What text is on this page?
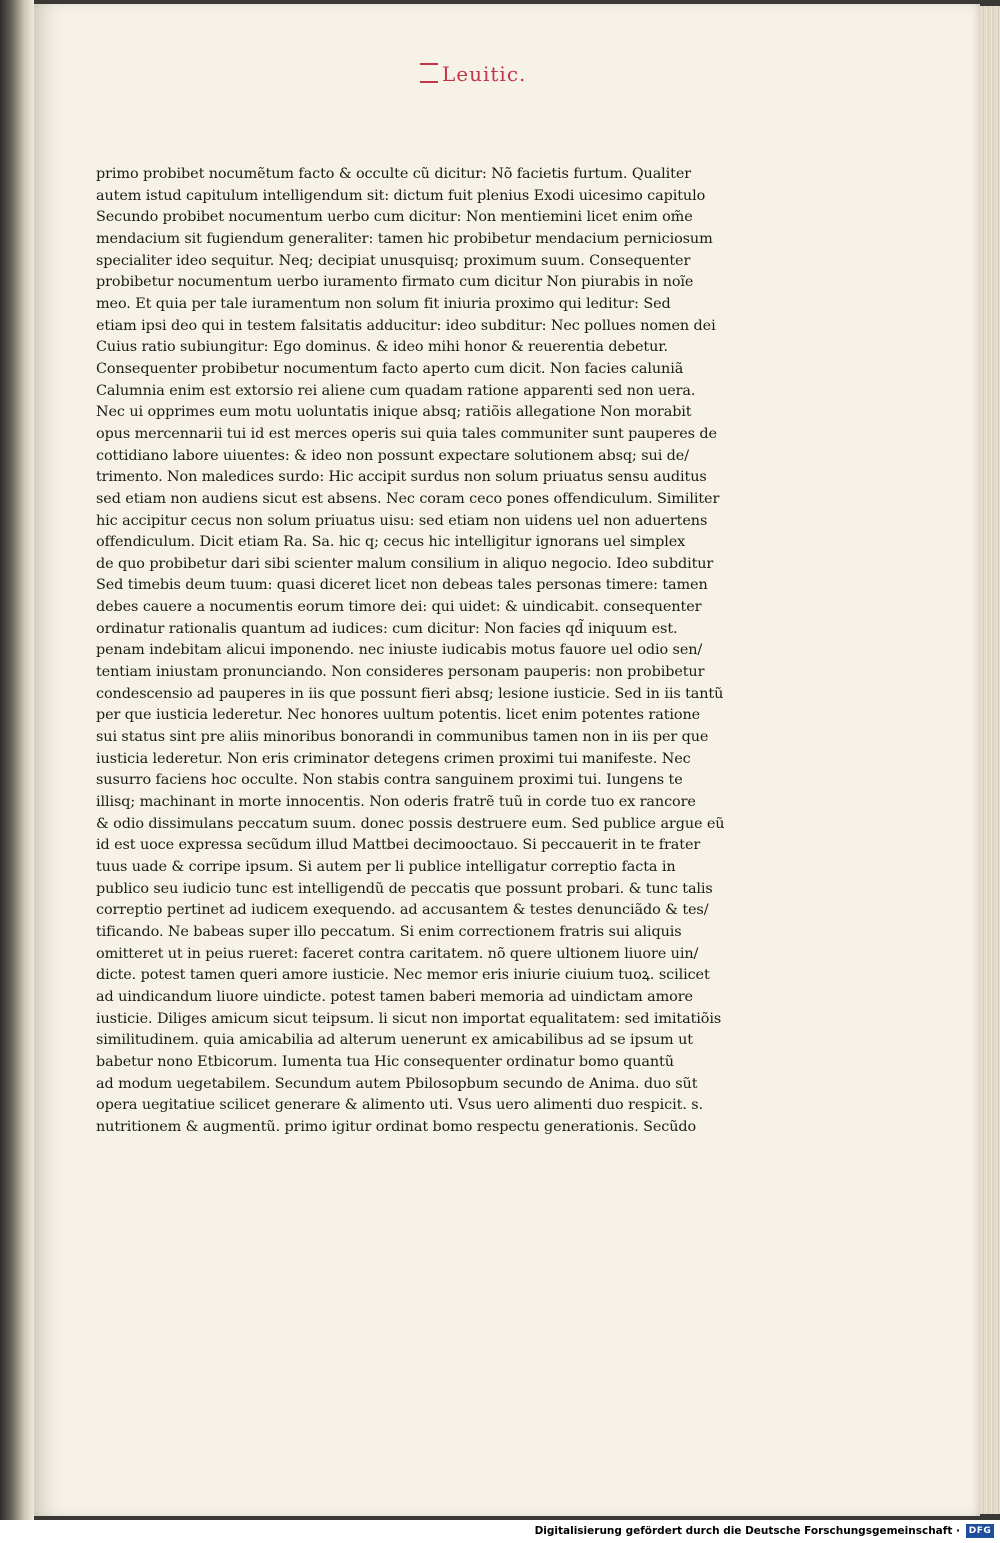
Leuitic.
primo probibet nocumẽtum facto & occulte cũ dicitur: Nõ facietis furtum. Qualiter
autem istud capitulum intelligendum sit: dictum fuit plenius Exodi uicesimo capitulo
Secundo probibet nocumentum uerbo cum dicitur: Non mentiemini licet enim om̃e
mendacium sit fugiendum generaliter: tamen hic probibetur mendacium perniciosum
specialiter ideo sequitur. Neq; decipiat unusquisq; proximum suum. Consequenter
probibetur nocumentum uerbo iuramento firmato cum dicitur Non piurabis in noĩe
meo. Et quia per tale iuramentum non solum fit iniuria proximo qui leditur: Sed
etiam ipsi deo qui in testem falsitatis adducitur: ideo subditur: Nec pollues nomen dei
Cuius ratio subiungitur: Ego dominus. & ideo mihi honor & reuerentia debetur.
Consequenter probibetur nocumentum facto aperto cum dicit. Non facies caluniã
Calumnia enim est extorsio rei aliene cum quadam ratione apparenti sed non uera.
Nec ui opprimes eum motu uoluntatis inique absq; ratiõis allegatione Non morabit
opus mercennarii tui id est merces operis sui quia tales communiter sunt pauperes de
cottidiano labore uiuentes: & ideo non possunt expectare solutionem absq; sui de/
trimento. Non maledices surdo: Hic accipit surdus non solum priuatus sensu auditus
sed etiam non audiens sicut est absens. Nec coram ceco pones offendiculum. Similiter
hic accipitur cecus non solum priuatus uisu: sed etiam non uidens uel non aduertens
offendiculum. Dicit etiam Ra. Sa. hic q; cecus hic intelligitur ignorans uel simplex
de quo probibetur dari sibi scienter malum consilium in aliquo negocio. Ideo subditur
Sed timebis deum tuum: quasi diceret licet non debeas tales personas timere: tamen
debes cauere a nocumentis eorum timore dei: qui uidet: & uindicabit. consequenter
ordinatur rationalis quantum ad iudices: cum dicitur: Non facies qd̃ iniquum est.
penam indebitam alicui imponendo. nec iniuste iudicabis motus fauore uel odio sen/
tentiam iniustam pronunciando. Non consideres personam pauperis: non probibetur
condescensio ad pauperes in iis que possunt fieri absq; lesione iusticie. Sed in iis tantũ
per que iusticia lederetur. Nec honores uultum potentis. licet enim potentes ratione
sui status sint pre aliis minoribus bonorandi in communibus tamen non in iis per que
iusticia lederetur. Non eris criminator detegens crimen proximi tui manifeste. Nec
susurro faciens hoc occulte. Non stabis contra sanguinem proximi tui. Iungens te
illisq; machinant in morte innocentis. Non oderis fratrẽ tuũ in corde tuo ex rancore
& odio dissimulans peccatum suum. donec possis destruere eum. Sed publice argue eũ
id est uoce expressa secũdum illud Mattbei decimooctauo. Si peccauerit in te frater
tuus uade & corripe ipsum. Si autem per li publice intelligatur correptio facta in
publico seu iudicio tunc est intelligendũ de peccatis que possunt probari. & tunc talis
correptio pertinet ad iudicem exequendo. ad accusantem & testes denunciãdo & tes/
tificando. Ne babeas super illo peccatum. Si enim correctionem fratris sui aliquis
omitteret ut in peius rueret: faceret contra caritatem. nõ quere ultionem liuore uin/
dicte. potest tamen queri amore iusticie. Nec memor eris iniurie ciuium tuoꝝ. scilicet
ad uindicandum liuore uindicte. potest tamen baberi memoria ad uindictam amore
iusticie. Diliges amicum sicut teipsum. li sicut non importat equalitatem: sed imitatiõis
similitudinem. quia amicabilia ad alterum uenerunt ex amicabilibus ad se ipsum ut
babetur nono Etbicorum. Iumenta tua Hic consequenter ordinatur bomo quantũ
ad modum uegetabilem. Secundum autem Pbilosopbum secundo de Anima. duo sũt
opera uegitatiue scilicet generare & alimento uti. Vsus uero alimenti duo respicit. s.
nutritionem & augmentũ. primo igitur ordinat bomo respectu generationis. Secũdo
Digitalisierung gefördert durch die Deutsche Forschungsgemeinschaft · DFG
